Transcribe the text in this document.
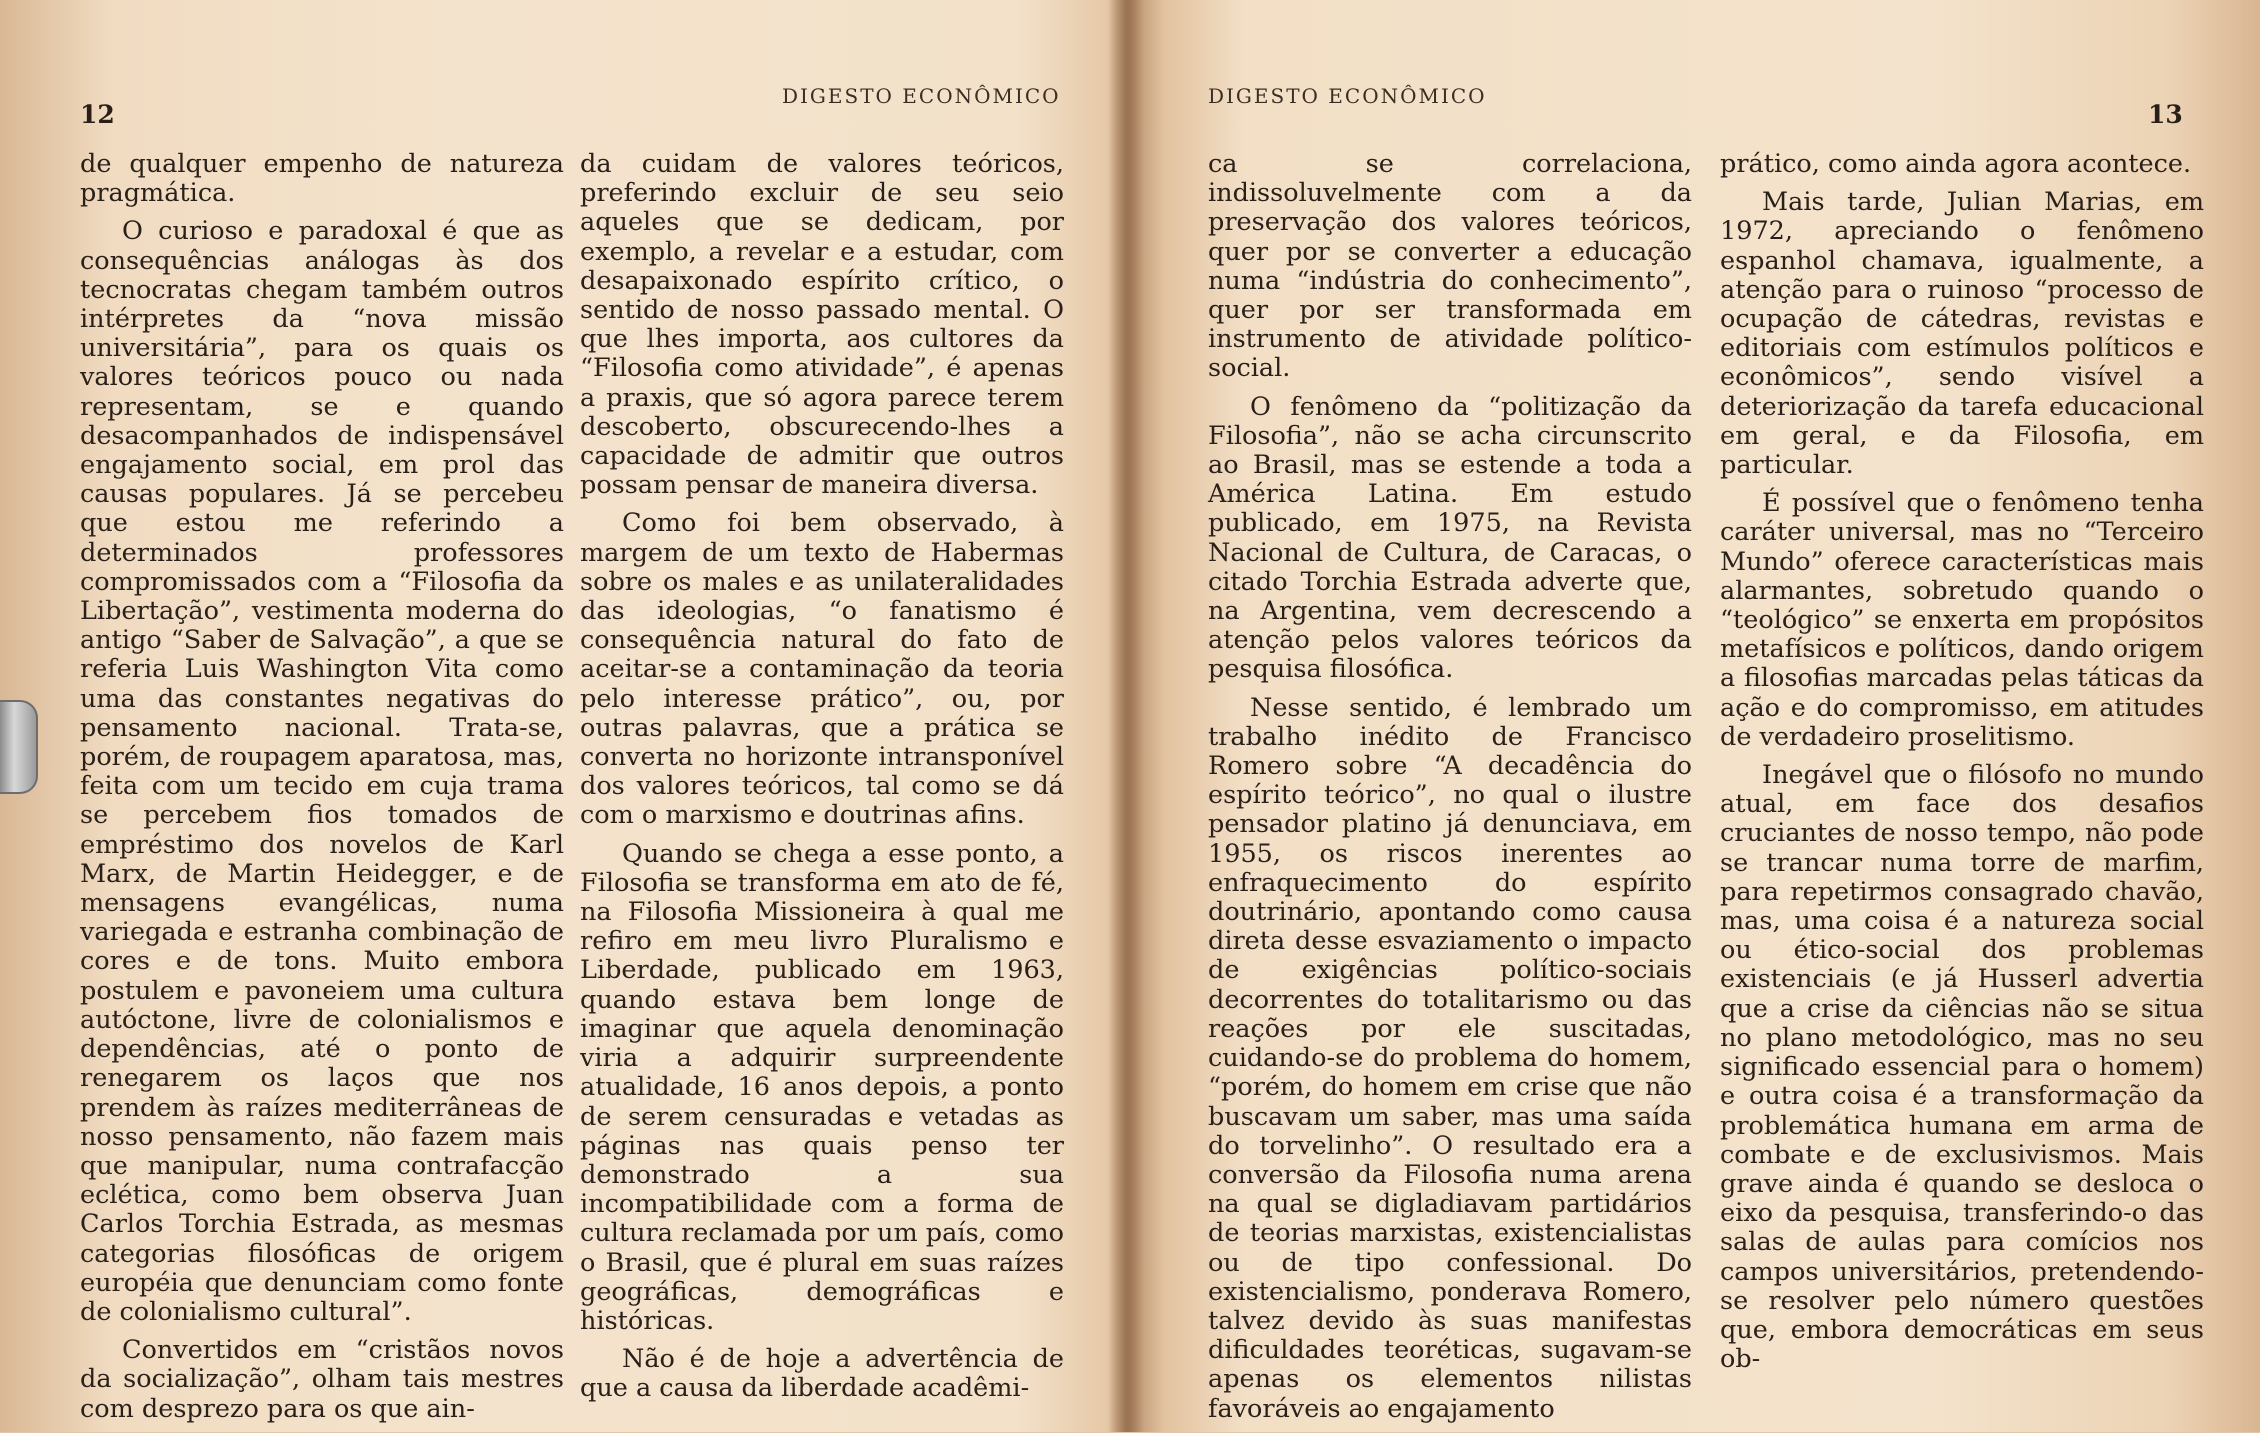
12
DIGESTO ECONÔMICO

de qualquer empenho de natureza pragmática.

O curioso e paradoxal é que as consequências análogas às dos tecnocratas chegam também outros intérpretes da “nova missão universitária”, para os quais os valores teóricos pouco ou nada representam, se e quando desacompanhados de indispensável engajamento social, em prol das causas populares. Já se percebeu que estou me referindo a determinados professores compromissados com a “Filosofia da Libertação”, vestimenta moderna do antigo “Saber de Salvação”, a que se referia Luis Washington Vita como uma das constantes negativas do pensamento nacional. Trata-se, porém, de roupagem aparatosa, mas, feita com um tecido em cuja trama se percebem fios tomados de empréstimo dos novelos de Karl Marx, de Martin Heidegger, e de mensagens evangélicas, numa variegada e estranha combinação de cores e de tons. Muito embora postulem e pavoneiem uma cultura autóctone, livre de colonialismos e dependências, até o ponto de renegarem os laços que nos prendem às raízes mediterrâneas de nosso pensamento, não fazem mais que manipular, numa contrafacção eclética, como bem observa Juan Carlos Torchia Estrada, as mesmas categorias filosóficas de origem européia que denunciam como fonte de colonialismo cultural”.

Convertidos em “cristãos novos da socialização”, olham tais mestres com desprezo para os que ain-

da cuidam de valores teóricos, preferindo excluir de seu seio aqueles que se dedicam, por exemplo, a revelar e a estudar, com desapaixonado espírito crítico, o sentido de nosso passado mental. O que lhes importa, aos cultores da “Filosofia como atividade”, é apenas a praxis, que só agora parece terem descoberto, obscurecendo-lhes a capacidade de admitir que outros possam pensar de maneira diversa.

Como foi bem observado, à margem de um texto de Habermas sobre os males e as unilateralidades das ideologias, “o fanatismo é consequência natural do fato de aceitar-se a contaminação da teoria pelo interesse prático”, ou, por outras palavras, que a prática se converta no horizonte intransponível dos valores teóricos, tal como se dá com o marxismo e doutrinas afins.

Quando se chega a esse ponto, a Filosofia se transforma em ato de fé, na Filosofia Missioneira à qual me refiro em meu livro Pluralismo e Liberdade, publicado em 1963, quando estava bem longe de imaginar que aquela denominação viria a adquirir surpreendente atualidade, 16 anos depois, a ponto de serem censuradas e vetadas as páginas nas quais penso ter demonstrado a sua incompatibilidade com a forma de cultura reclamada por um país, como o Brasil, que é plural em suas raízes geográficas, demográficas e históricas.

Não é de hoje a advertência de que a causa da liberdade acadêmi-

DIGESTO ECONÔMICO
13

ca se correlaciona, indissoluvelmente com a da preservação dos valores teóricos, quer por se converter a educação numa “indústria do conhecimento”, quer por ser transformada em instrumento de atividade político-social.

O fenômeno da “politização da Filosofia”, não se acha circunscrito ao Brasil, mas se estende a toda a América Latina. Em estudo publicado, em 1975, na Revista Nacional de Cultura, de Caracas, o citado Torchia Estrada adverte que, na Argentina, vem decrescendo a atenção pelos valores teóricos da pesquisa filosófica.

Nesse sentido, é lembrado um trabalho inédito de Francisco Romero sobre “A decadência do espírito teórico”, no qual o ilustre pensador platino já denunciava, em 1955, os riscos inerentes ao enfraquecimento do espírito doutrinário, apontando como causa direta desse esvaziamento o impacto de exigências político-sociais decorrentes do totalitarismo ou das reações por ele suscitadas, cuidando-se do problema do homem, “porém, do homem em crise que não buscavam um saber, mas uma saída do torvelinho”. O resultado era a conversão da Filosofia numa arena na qual se digladiavam partidários de teorias marxistas, existencialistas ou de tipo confessional. Do existencialismo, ponderava Romero, talvez devido às suas manifestas dificuldades teoréticas, sugavam-se apenas os elementos nilistas favoráveis ao engajamento

prático, como ainda agora acontece.

Mais tarde, Julian Marias, em 1972, apreciando o fenômeno espanhol chamava, igualmente, a atenção para o ruinoso “processo de ocupação de cátedras, revistas e editoriais com estímulos políticos e econômicos”, sendo visível a deteriorização da tarefa educacional em geral, e da Filosofia, em particular.

É possível que o fenômeno tenha caráter universal, mas no “Terceiro Mundo” oferece características mais alarmantes, sobretudo quando o “teológico” se enxerta em propósitos metafísicos e políticos, dando origem a filosofias marcadas pelas táticas da ação e do compromisso, em atitudes de verdadeiro proselitismo.

Inegável que o filósofo no mundo atual, em face dos desafios cruciantes de nosso tempo, não pode se trancar numa torre de marfim, para repetirmos consagrado chavão, mas, uma coisa é a natureza social ou ético-social dos problemas existenciais (e já Husserl advertia que a crise da ciências não se situa no plano metodológico, mas no seu significado essencial para o homem) e outra coisa é a transformação da problemática humana em arma de combate e de exclusivismos. Mais grave ainda é quando se desloca o eixo da pesquisa, transferindo-o das salas de aulas para comícios nos campos universitários, pretendendo-se resolver pelo número questões que, embora democráticas em seus ob-
